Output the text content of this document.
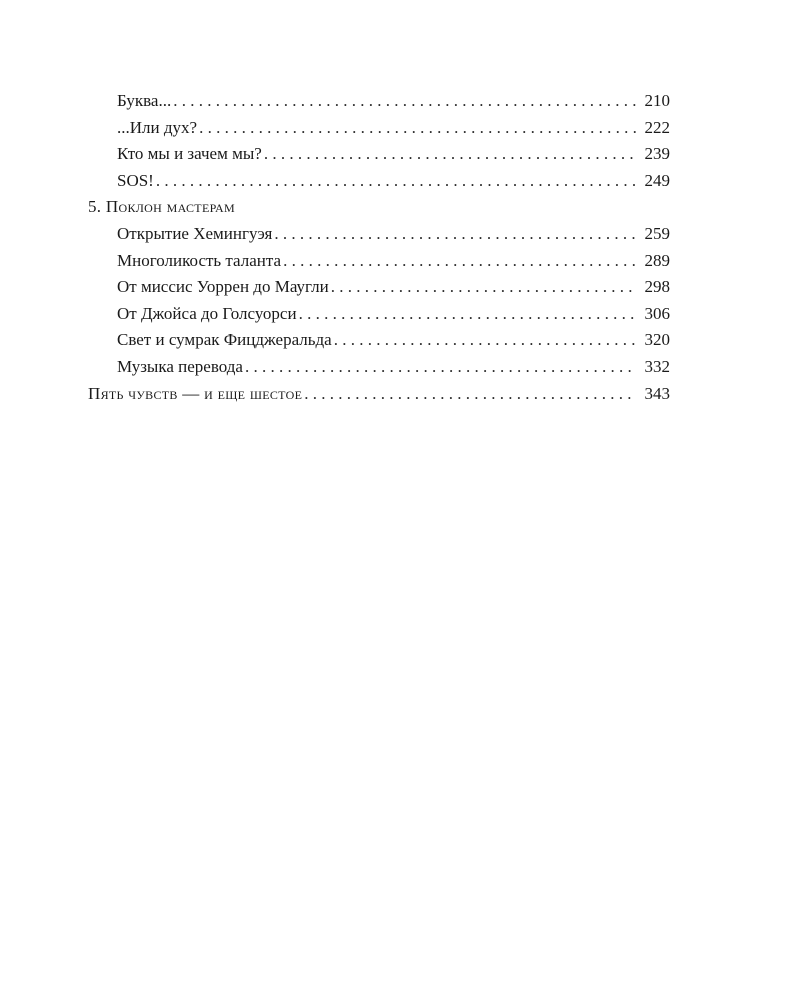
Буква... . . .	210
...Или дух? . . .	222
Кто мы и зачем мы? . . .	239
SOS! . . .	249
5. Поклон мастерам
Открытие Хемингуэя . . .	259
Многоликость таланта . . .	289
От миссис Уоррен до Маугли . . .	298
От Джойса до Голсуорси . . .	306
Свет и сумрак Фицджеральда . . .	320
Музыка перевода . . .	332
Пять чувств — и еще шестое . . .	343
